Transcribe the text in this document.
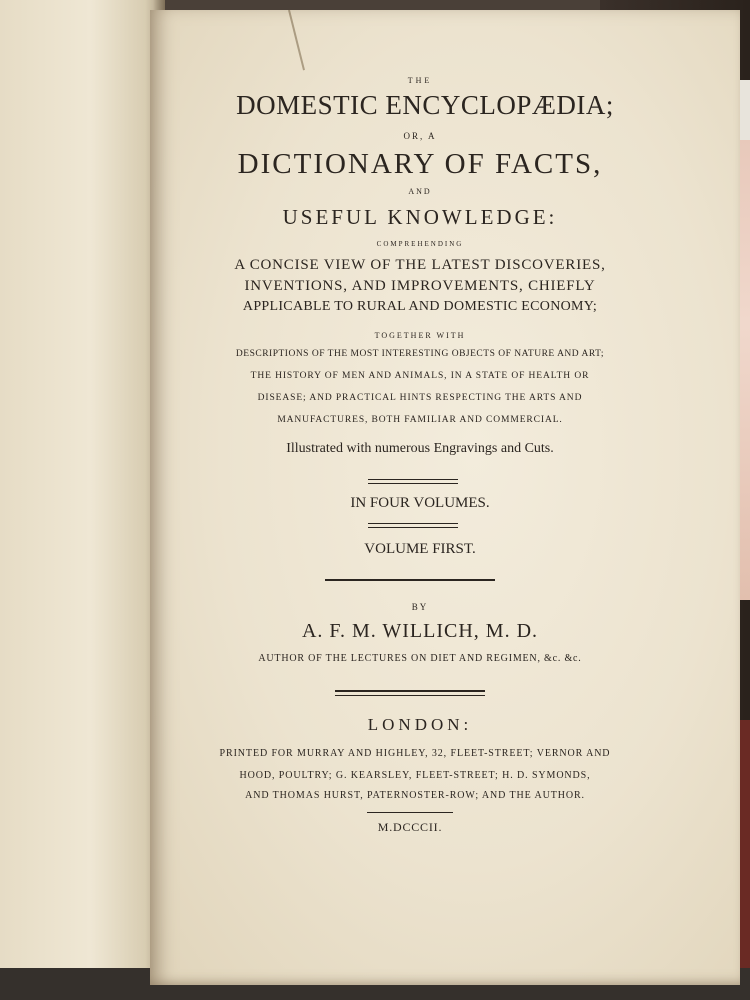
THE
DOMESTIC ENCYCLOPÆDIA;
OR, A
DICTIONARY OF FACTS,
AND
USEFUL KNOWLEDGE:
COMPREHENDING
A CONCISE VIEW OF THE LATEST DISCOVERIES,
INVENTIONS, AND IMPROVEMENTS, CHIEFLY
APPLICABLE TO RURAL AND DOMESTIC ECONOMY;
TOGETHER WITH
DESCRIPTIONS OF THE MOST INTERESTING OBJECTS OF NATURE AND ART;
THE HISTORY OF MEN AND ANIMALS, IN A STATE OF HEALTH OR
DISEASE; AND PRACTICAL HINTS RESPECTING THE ARTS AND
MANUFACTURES, BOTH FAMILIAR AND COMMERCIAL.
Illustrated with numerous Engravings and Cuts.
IN FOUR VOLUMES.
VOLUME FIRST.
BY
A. F. M. WILLICH, M. D.
AUTHOR OF THE LECTURES ON DIET AND REGIMEN, &c. &c.
LONDON:
PRINTED FOR MURRAY AND HIGHLEY, 32, FLEET-STREET; VERNOR AND
HOOD, POULTRY; G. KEARSLEY, FLEET-STREET; H. D. SYMONDS,
AND THOMAS HURST, PATERNOSTER-ROW; AND THE AUTHOR.
M.DCCCII.
